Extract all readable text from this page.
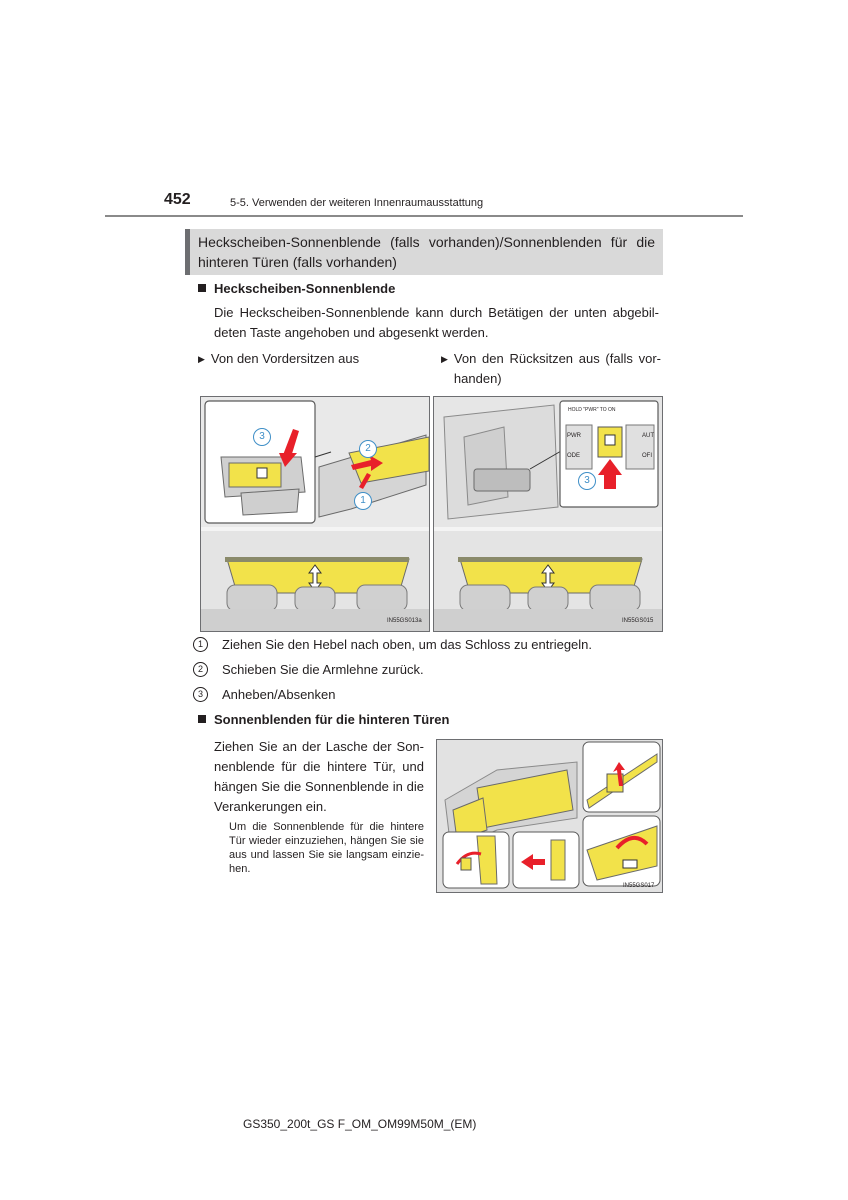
452	5-5. Verwenden der weiteren Innenraumausstattung
Heckscheiben-Sonnenblende (falls vorhanden)/Sonnenblenden für die hinteren Türen (falls vorhanden)
Heckscheiben-Sonnenblende
Die Heckscheiben-Sonnenblende kann durch Betätigen der unten abgebil-deten Taste angehoben und abgesenkt werden.
▶ Von den Vordersitzen aus	▶ Von den Rücksitzen aus (falls vor-handen)
3
2
1
IN55GS013a
HOLD "PWR" TO ON
PWR
ODE
AUT
OFI
3
IN55GS015
1	Ziehen Sie den Hebel nach oben, um das Schloss zu entriegeln.
2	Schieben Sie die Armlehne zurück.
3	Anheben/Absenken
Sonnenblenden für die hinteren Türen
Ziehen Sie an der Lasche der Son-nenblende für die hintere Tür, und hängen Sie die Sonnenblende in die Verankerungen ein.
Um die Sonnenblende für die hintere Tür wieder einzuziehen, hängen Sie sie aus und lassen Sie sie langsam einzie-hen.
IN55GS017
GS350_200t_GS F_OM_OM99M50M_(EM)
